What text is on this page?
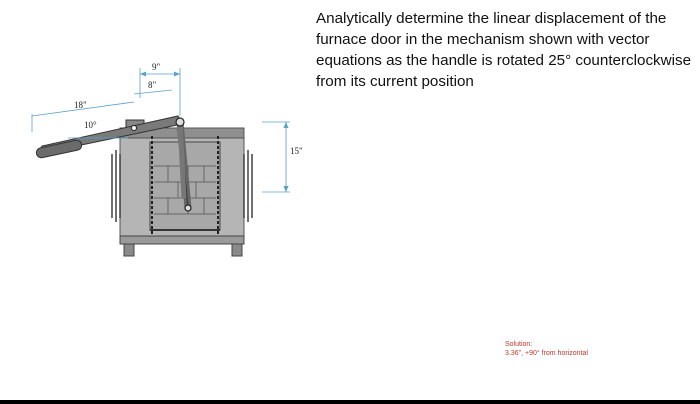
18"
10°
9"
8"
15"
Analytically determine the linear displacement of the furnace door in the mechanism shown with vector equations as the handle is rotated 25° counterclockwise from its current position
Solution:
3.36", +90° from horizontal
